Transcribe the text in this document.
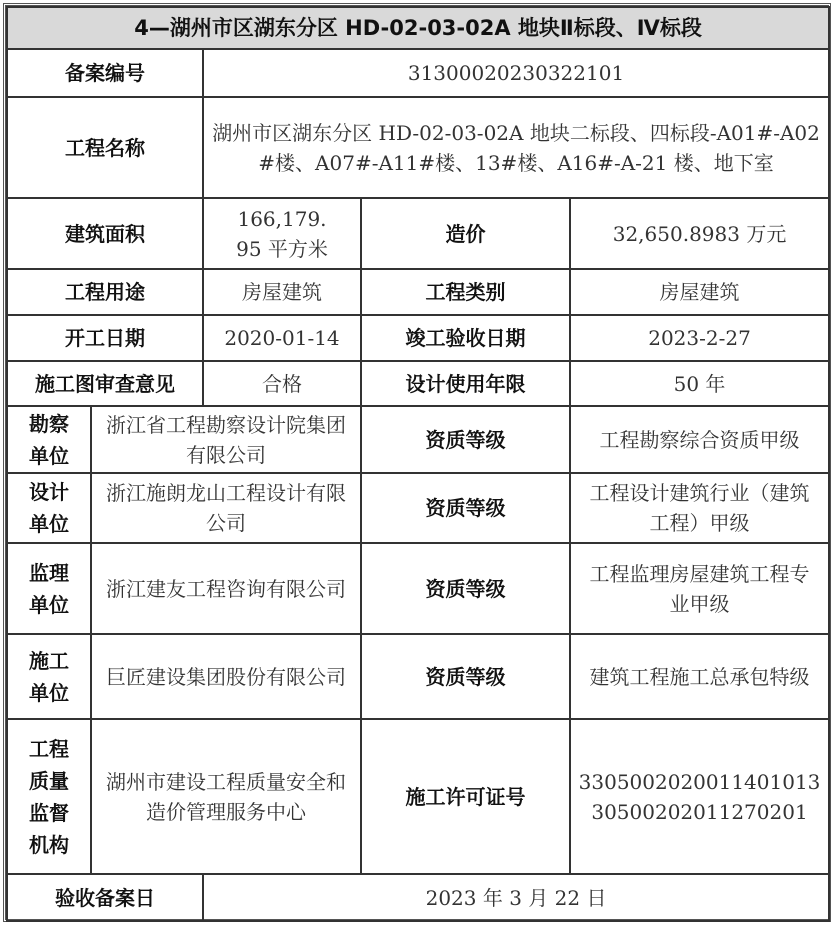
4—湖州市区湖东分区 HD-02-03-02A 地块Ⅱ标段、Ⅳ标段				
备案编号		31300020230322101		
工程名称		湖州市区湖东分区 HD-02-03-02A 地块二标段、四标段-A01#-A02#楼、A07#-A11#楼、13#楼、A16#-A-21 楼、地下室		
建筑面积		166,179.95 平方米	造价	32,650.8983 万元
工程用途		房屋建筑	工程类别	房屋建筑
开工日期		2020-01-14	竣工验收日期	2023-2-27
施工图审查意见		合格	设计使用年限	50 年
勘察单位	浙江省工程勘察设计院集团有限公司		资质等级	工程勘察综合资质甲级
设计单位	浙江施朗龙山工程设计有限公司		资质等级	工程设计建筑行业（建筑工程）甲级
监理单位	浙江建友工程咨询有限公司		资质等级	工程监理房屋建筑工程专业甲级
施工单位	巨匠建设集团股份有限公司		资质等级	建筑工程施工总承包特级
工程质量监督机构	湖州市建设工程质量安全和造价管理服务中心		施工许可证号	330500202001140101330500202011270201
验收备案日		2023 年 3 月 22 日		
